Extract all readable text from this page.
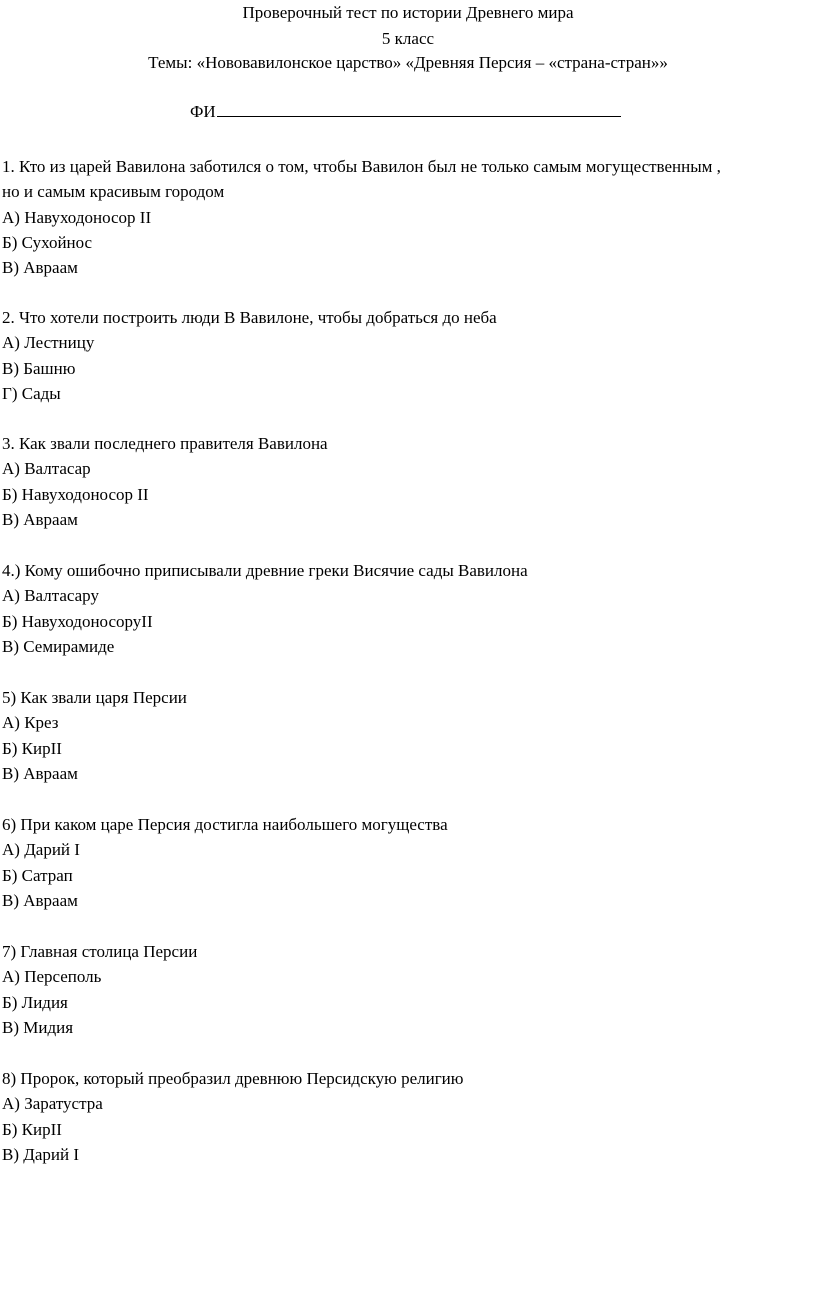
Проверочный тест по истории Древнего мира
5 класс
Темы: «Нововавилонское царство» «Древняя Персия – «страна-стран»»
ФИ
1. Кто из царей Вавилона заботился о том, чтобы Вавилон был не только самым могущественным ,
но и самым красивым городом
А) Навуходоносор II
Б) Сухойнос
В) Авраам
2. Что хотели построить люди В Вавилоне, чтобы добраться до неба
А) Лестницу
В) Башню
Г) Сады
3. Как звали последнего правителя Вавилона
А) Валтасар
Б) Навуходоносор II
В) Авраам
4.) Кому ошибочно приписывали древние греки Висячие сады Вавилона
А) Валтасару
Б) НавуходоносоруII
В) Семирамиде
5) Как звали царя Персии
А) Крез
Б) КирII
В) Авраам
6) При каком царе Персия достигла наибольшего могущества
А) Дарий I
Б) Сатрап
В) Авраам
7) Главная столица Персии
А) Персеполь
Б) Лидия
В) Мидия
8) Пророк, который преобразил древнюю Персидскую религию
А) Заратустра
Б) КирII
В) Дарий I
